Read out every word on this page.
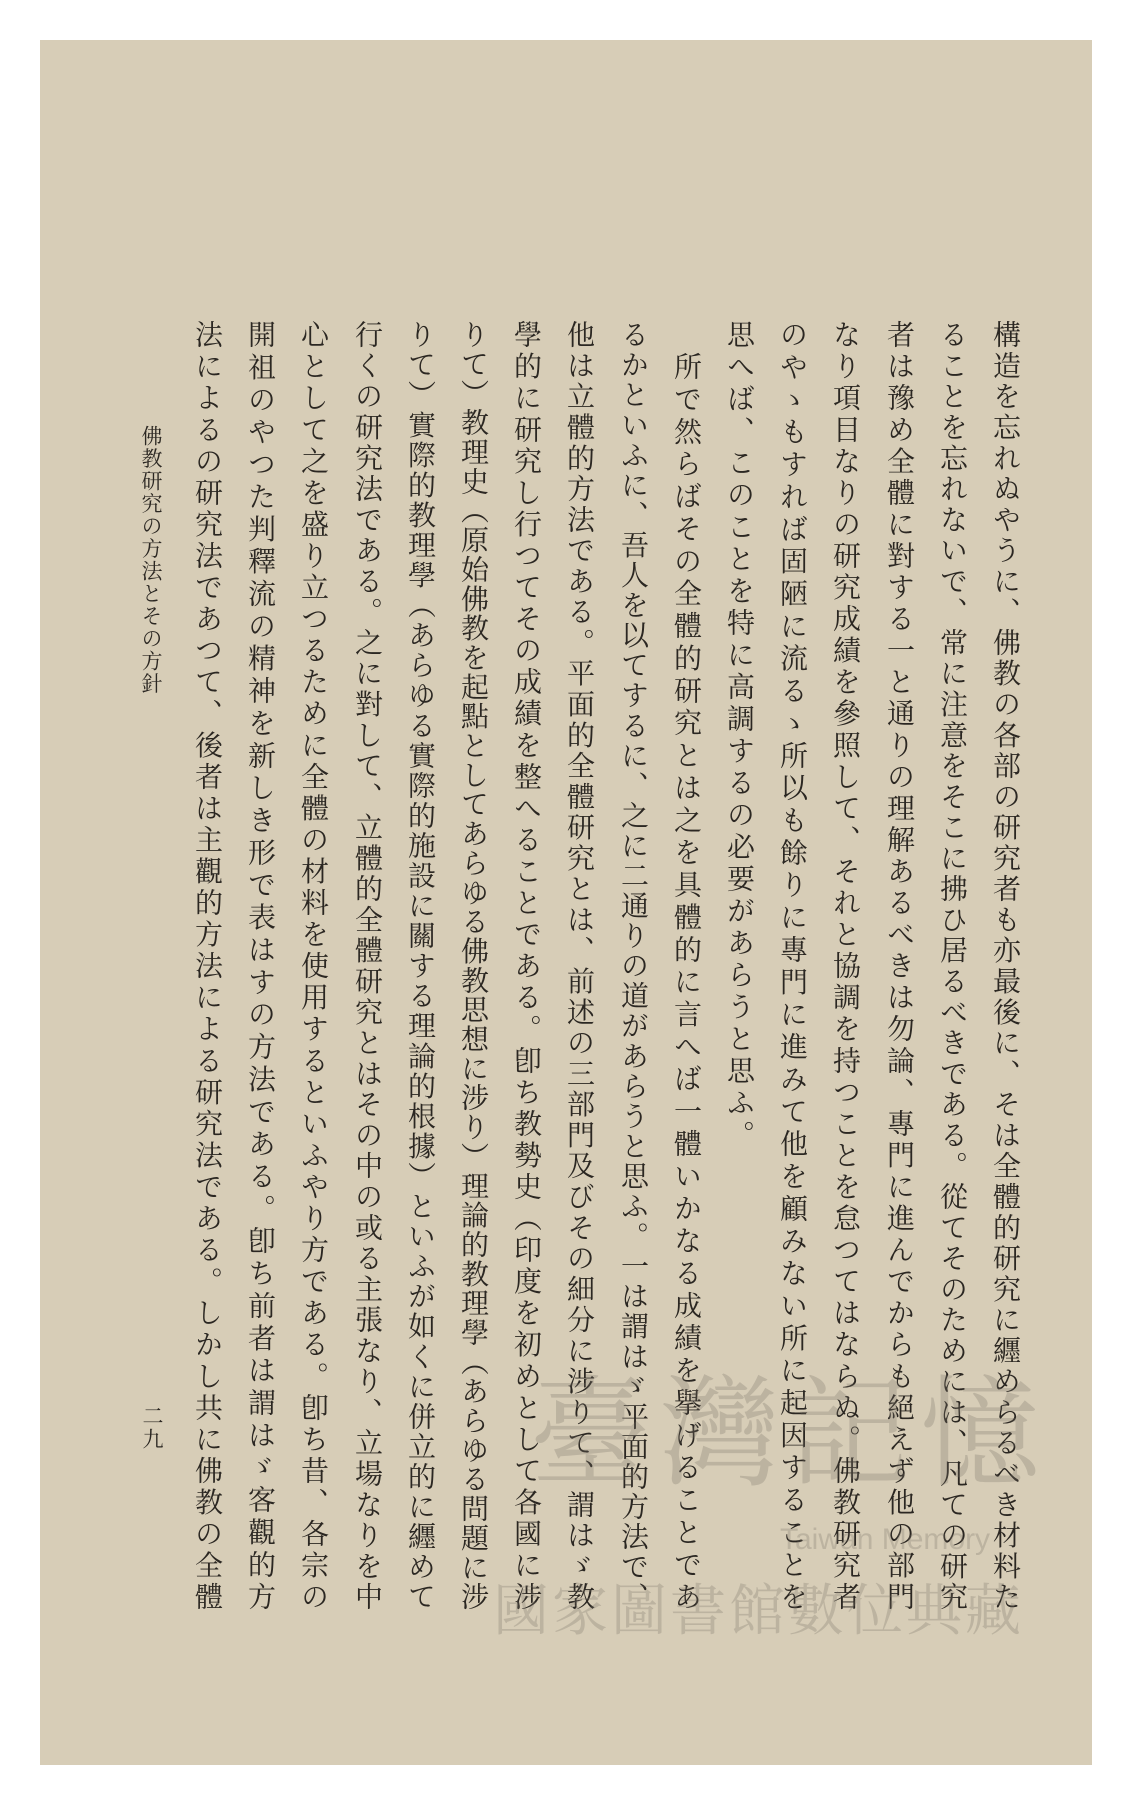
構造を忘れぬやうに、佛教の各部の研究者も亦最後に、そは全體的研究に纒めらるべき材料た
ることを忘れないで、常に注意をそこに拂ひ居るべきである。從てそのためには、凡ての研究
者は豫め全體に對する一と通りの理解あるべきは勿論、專門に進んでからも絕えず他の部門
なり項目なりの研究成績を參照して、それと協調を持つことを怠つてはならぬ。佛教研究者
のやゝもすれば固陋に流るゝ所以も餘りに專門に進みて他を顧みない所に起因することを
思へば、このことを特に高調するの必要があらうと思ふ。
所で然らばその全體的研究とは之を具體的に言へば一體いかなる成績を擧げることであ
るかといふに、吾人を以てするに、之に二通りの道があらうと思ふ。一は謂はゞ平面的方法で、
他は立體的方法である。平面的全體研究とは、前述の三部門及びその細分に涉りて、謂はゞ教
學的に研究し行つてその成績を整へることである。卽ち教勢史（印度を初めとして各國に涉
りて）教理史（原始佛教を起點としてあらゆる佛教思想に涉り）理論的教理學（あらゆる問題に涉
りて）實際的教理學（あらゆる實際的施設に關する理論的根據）といふが如くに併立的に纒めて
行くの研究法である。之に對して、立體的全體研究とはその中の或る主張なり、立場なりを中
心として之を盛り立つるために全體の材料を使用するといふやり方である。卽ち昔、各宗の
開祖のやつた判釋流の精神を新しき形で表はすの方法である。卽ち前者は謂はゞ客觀的方
法によるの研究法であつて、後者は主觀的方法による研究法である。しかし共に佛教の全體
佛教研究の方法とその方針
二九	臺灣記憶
Taiwan Memory
國家圖書館數位典藏
